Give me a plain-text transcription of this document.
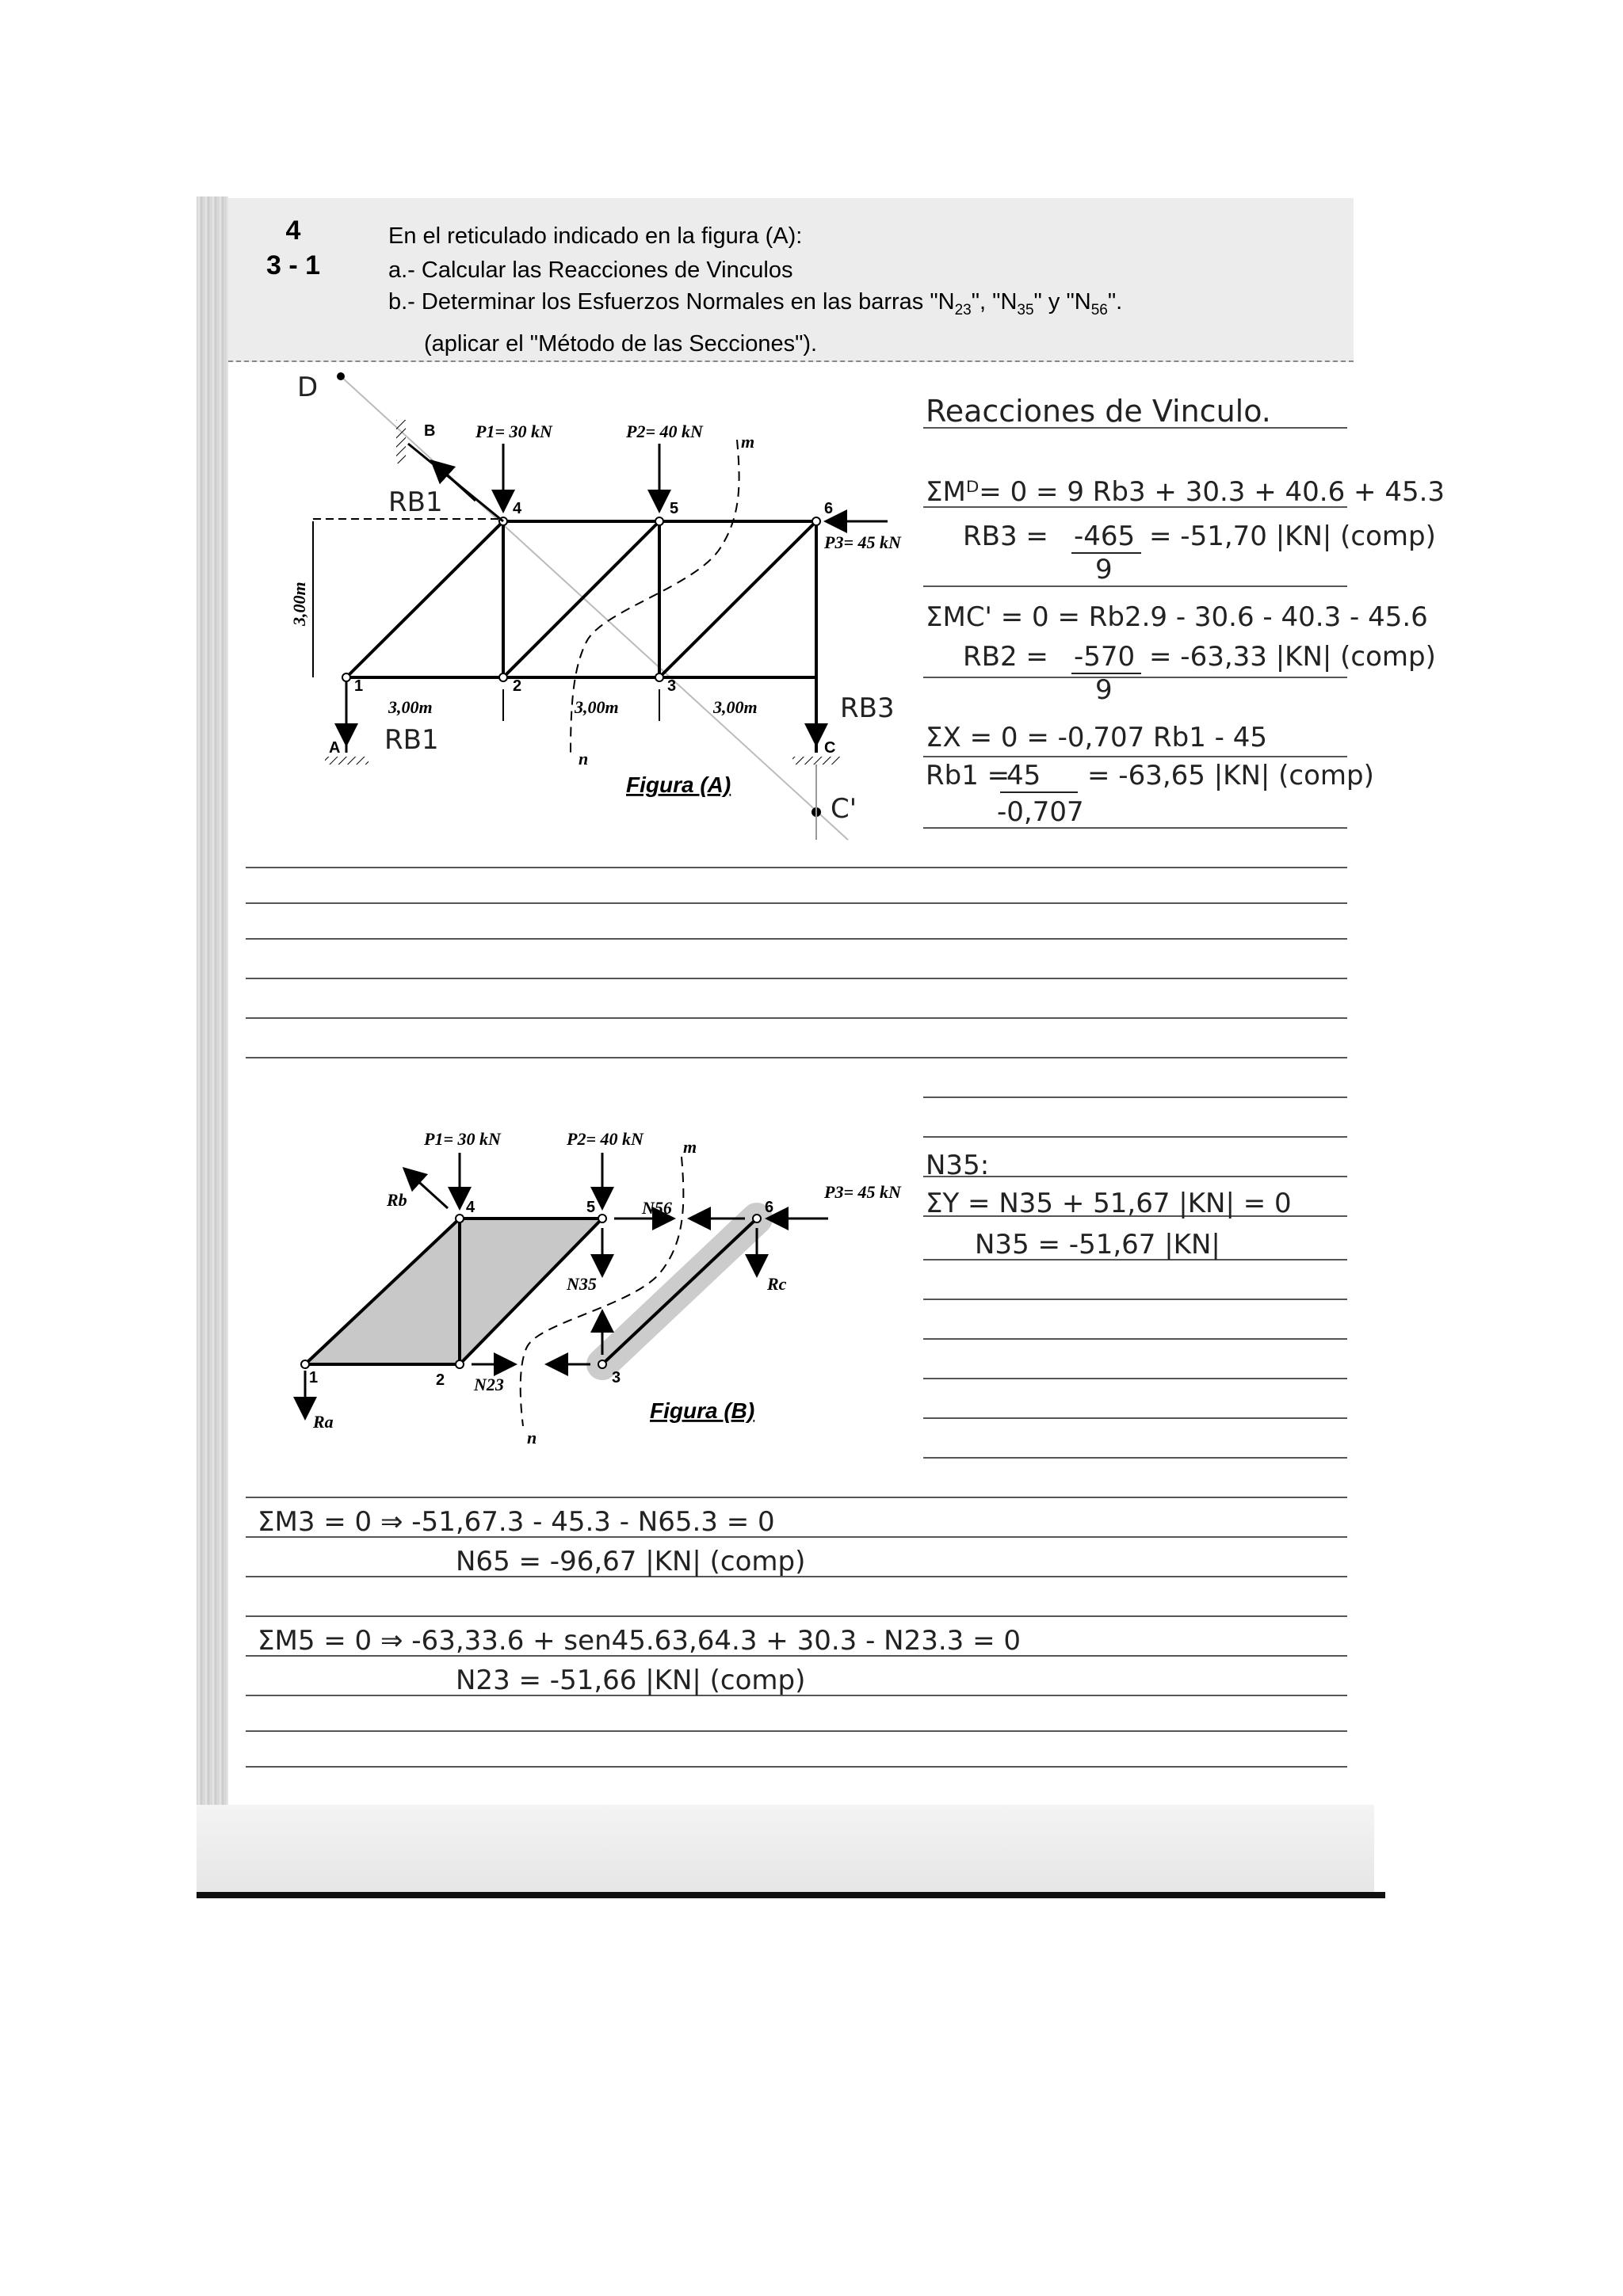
4
3 - 1
En el reticulado indicado en la figura (A):
a.- Calcular las Reacciones de Vinculos
b.- Determinar los Esfuerzos Normales en las barras "$N_{23}$", "$N_{35}$" y "$N_{56}$".
(aplicar el "Método de las Secciones").
P1= 30 kN	P2= 40 kN
P3= 45 kN
B
A	C
1	2	3
4	5	6
3,00m	3,00m	3,00m
3,00m
m
n
Figura (A)
D
C'
RB1
RB1
RB3
P1= 30 kN	P2= 40 kN
P3= 45 kN
Rb
Ra
Rc
N56
N35
N23
1	2	3
4	5	6
m
n
Figura (B)
Reacciones de Vinculo.
ΣMᴰ= 0 = 9 Rb3 + 30.3 + 40.6 + 45.3
RB3 = -465
9
= -51,70 |KN| (comp)
ΣMC' = 0 = Rb2.9 - 30.6 - 40.3 - 45.6
RB2 = -570
9
= -63,33 |KN| (comp)
ΣX = 0 = -0,707 Rb1 - 45
Rb1 =
45
-0,707
= -63,65 |KN| (comp)
N35:
ΣY = N35 + 51,67 |KN| = 0
N35 = -51,67 |KN|
ΣM3 = 0 ⇒ -51,67.3 - 45.3 - N65.3 = 0
N65 = -96,67 |KN| (comp)
ΣM5 = 0 ⇒ -63,33.6 + sen45.63,64.3 + 30.3 - N23.3 = 0
N23 = -51,66 |KN| (comp)
